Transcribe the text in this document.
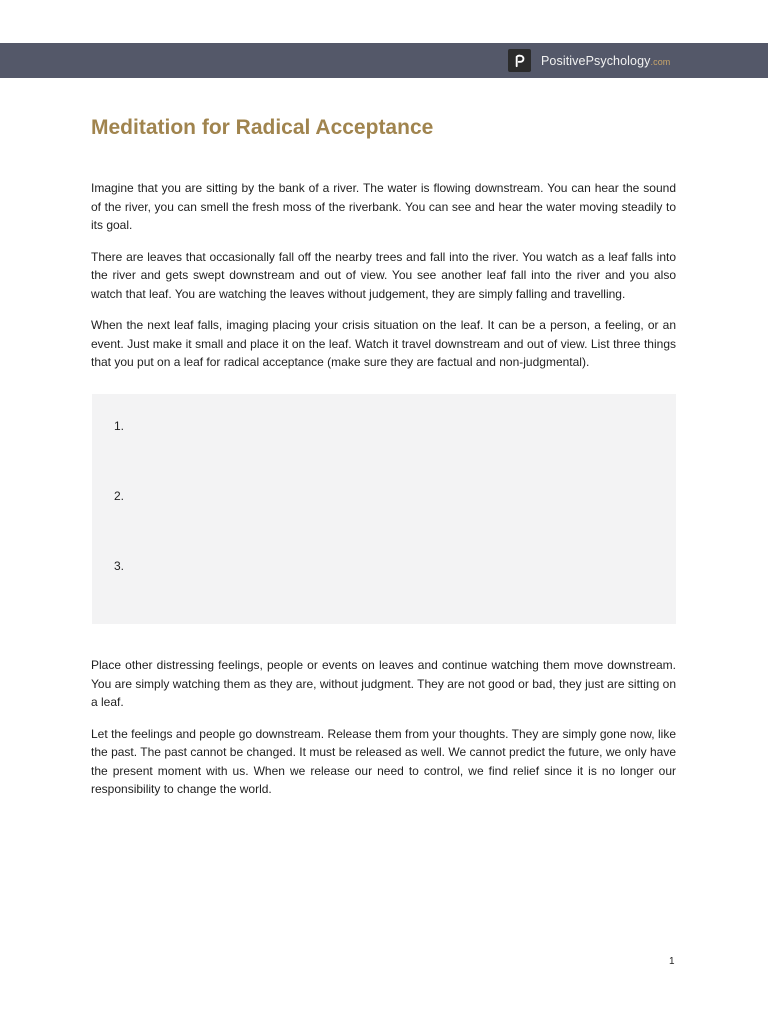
PositivePsychology.com
Meditation for Radical Acceptance

Imagine that you are sitting by the bank of a river. The water is flowing downstream. You can hear the sound of the river, you can smell the fresh moss of the riverbank. You can see and hear the water moving steadily to its goal.

There are leaves that occasionally fall off the nearby trees and fall into the river. You watch as a leaf falls into the river and gets swept downstream and out of view. You see another leaf fall into the river and you also watch that leaf. You are watching the leaves without judgement, they are simply falling and travelling.

When the next leaf falls, imaging placing your crisis situation on the leaf. It can be a person, a feeling, or an event. Just make it small and place it on the leaf. Watch it travel downstream and out of view. List three things that you put on a leaf for radical acceptance (make sure they are factual and non-judgmental).

1.
2.
3.

Place other distressing feelings, people or events on leaves and continue watching them move downstream. You are simply watching them as they are, without judgment. They are not good or bad, they just are sitting on a leaf.

Let the feelings and people go downstream. Release them from your thoughts. They are simply gone now, like the past. The past cannot be changed. It must be released as well. We cannot predict the future, we only have the present moment with us. When we release our need to control, we find relief since it is no longer our responsibility to change the world.

1
